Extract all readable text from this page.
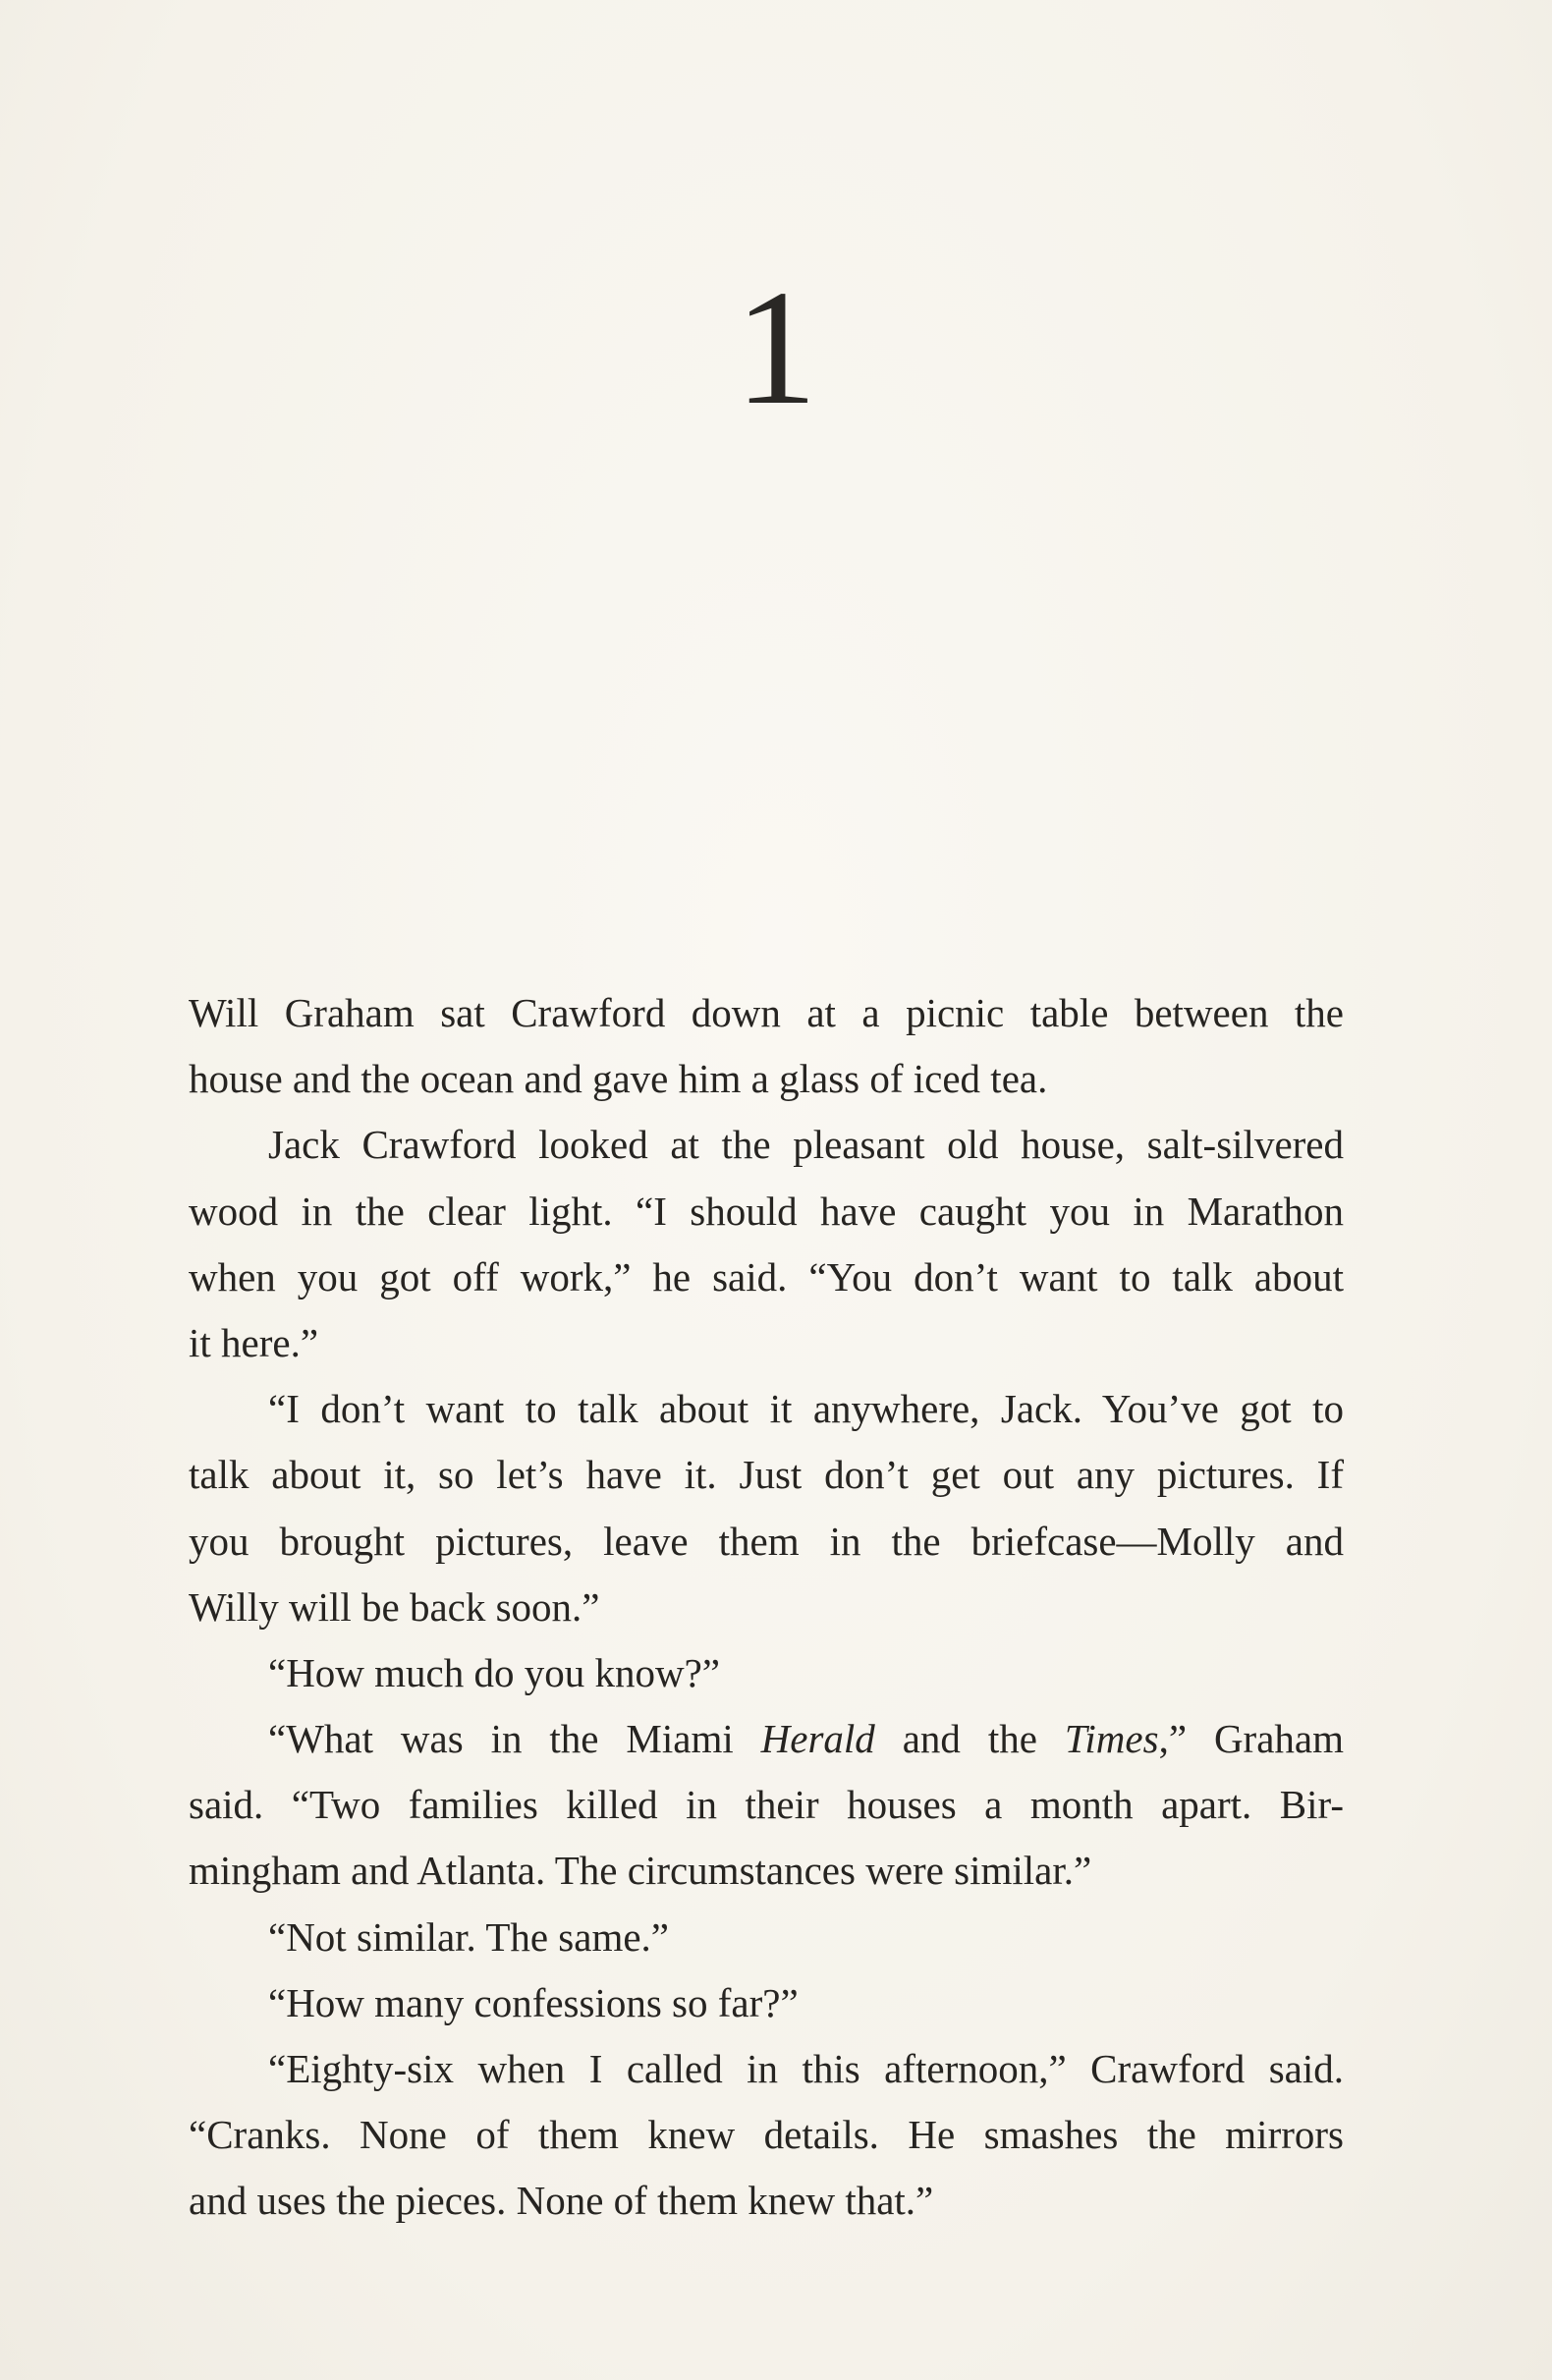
1
Will Graham sat Crawford down at a picnic table between the
house and the ocean and gave him a glass of iced tea.
Jack Crawford looked at the pleasant old house, salt-silvered
wood in the clear light. “I should have caught you in Marathon
when you got off work,” he said. “You don’t want to talk about
it here.”
“I don’t want to talk about it anywhere, Jack. You’ve got to
talk about it, so let’s have it. Just don’t get out any pictures. If
you brought pictures, leave them in the briefcase—Molly and
Willy will be back soon.”
“How much do you know?”
“What was in the Miami Herald and the Times,” Graham
said. “Two families killed in their houses a month apart. Bir-
mingham and Atlanta. The circumstances were similar.”
“Not similar. The same.”
“How many confessions so far?”
“Eighty-six when I called in this afternoon,” Crawford said.
“Cranks. None of them knew details. He smashes the mirrors
and uses the pieces. None of them knew that.”
